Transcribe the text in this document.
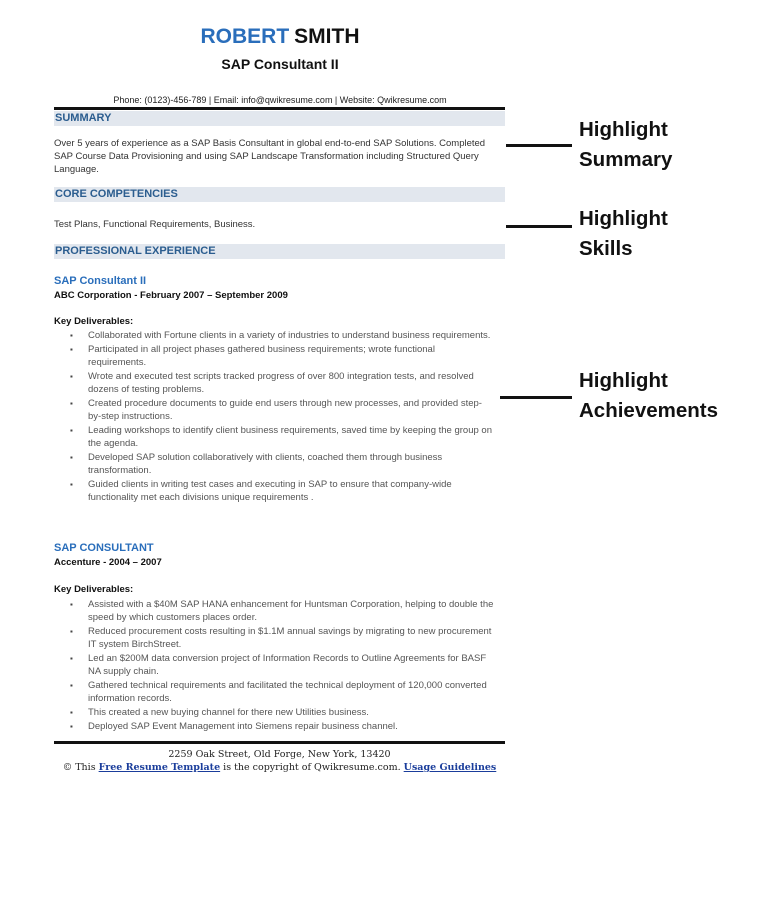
ROBERT SMITH
SAP Consultant II
Phone: (0123)-456-789 | Email: info@qwikresume.com | Website: Qwikresume.com
SUMMARY
Over 5 years of experience as a SAP Basis Consultant in global end-to-end SAP Solutions. Completed SAP Course Data Provisioning and using SAP Landscape Transformation including Structured Query Language.
CORE COMPETENCIES
Test Plans, Functional Requirements, Business.
PROFESSIONAL EXPERIENCE
SAP Consultant II
ABC Corporation - February 2007 – September 2009
Key Deliverables:
▪ Collaborated with Fortune clients in a variety of industries to understand business requirements.
▪ Participated in all project phases gathered business requirements; wrote functional requirements.
▪ Wrote and executed test scripts tracked progress of over 800 integration tests, and resolved dozens of testing problems.
▪ Created procedure documents to guide end users through new processes, and provided step-by-step instructions.
▪ Leading workshops to identify client business requirements, saved time by keeping the group on the agenda.
▪ Developed SAP solution collaboratively with clients, coached them through business transformation.
▪ Guided clients in writing test cases and executing in SAP to ensure that company-wide functionality met each divisions unique requirements .
SAP CONSULTANT
Accenture - 2004 – 2007
Key Deliverables:
▪ Assisted with a $40M SAP HANA enhancement for Huntsman Corporation, helping to double the speed by which customers places order.
▪ Reduced procurement costs resulting in $1.1M annual savings by migrating to new procurement IT system BirchStreet.
▪ Led an $200M data conversion project of Information Records to Outline Agreements for BASF NA supply chain.
▪ Gathered technical requirements and facilitated the technical deployment of 120,000 converted information records.
▪ This created a new buying channel for there new Utilities business.
▪ Deployed SAP Event Management into Siemens repair business channel.
2259 Oak Street, Old Forge, New York, 13420
© This Free Resume Template is the copyright of Qwikresume.com. Usage Guidelines
Highlight
Summary
Highlight
Skills
Highlight
Achievements
